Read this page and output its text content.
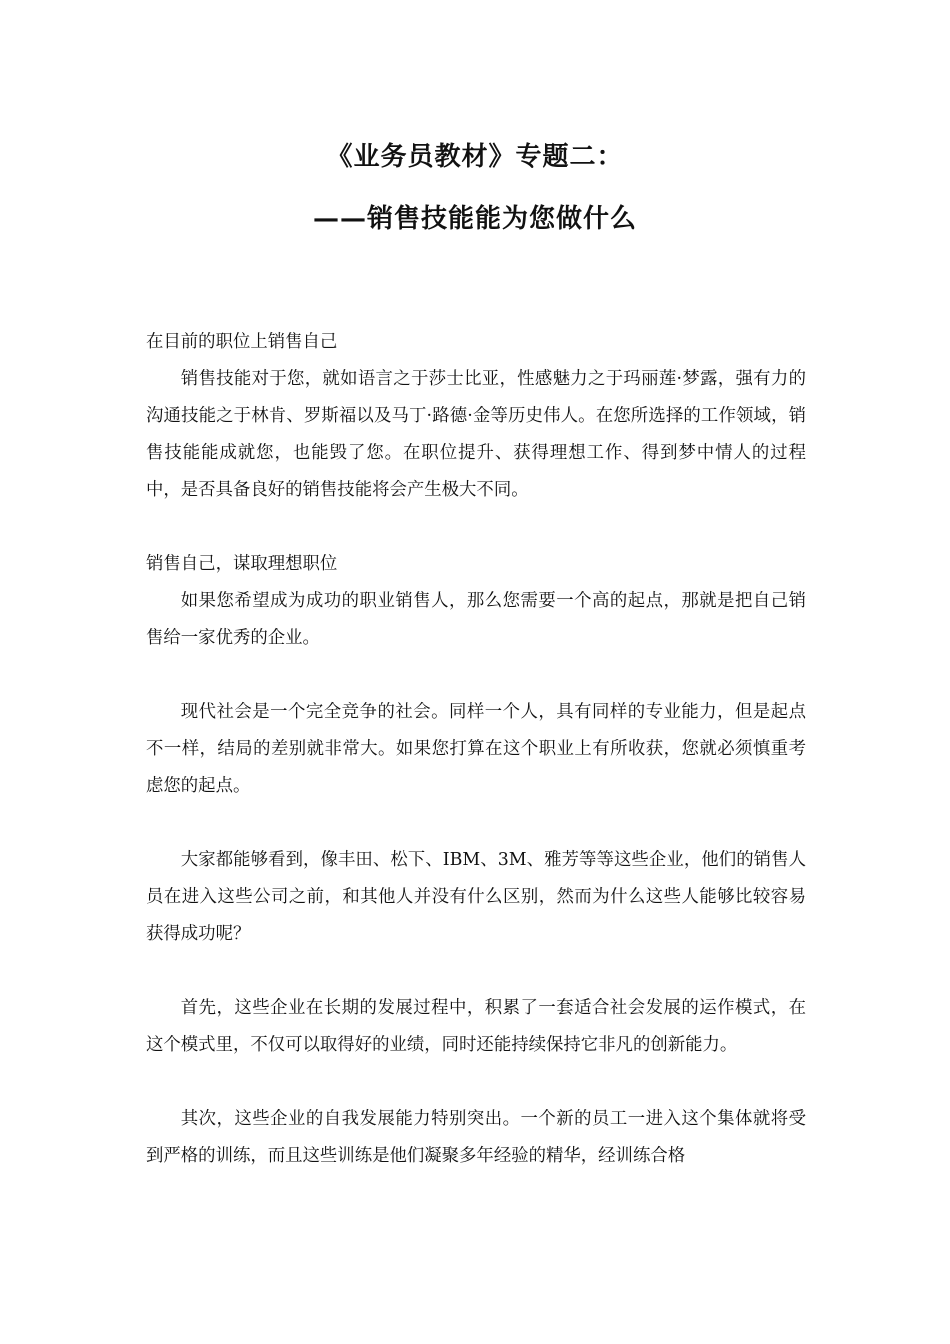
《业务员教材》专题二：
——销售技能能为您做什么

在目前的职位上销售自己

销售技能对于您，就如语言之于莎士比亚，性感魅力之于玛丽莲·梦露，强有力的沟通技能之于林肯、罗斯福以及马丁·路德·金等历史伟人。在您所选择的工作领域，销售技能能成就您，也能毁了您。在职位提升、获得理想工作、得到梦中情人的过程中，是否具备良好的销售技能将会产生极大不同。

销售自己，谋取理想职位

如果您希望成为成功的职业销售人，那么您需要一个高的起点，那就是把自己销售给一家优秀的企业。

现代社会是一个完全竞争的社会。同样一个人，具有同样的专业能力，但是起点不一样，结局的差别就非常大。如果您打算在这个职业上有所收获，您就必须慎重考虑您的起点。

大家都能够看到，像丰田、松下、IBM、3M、雅芳等等这些企业，他们的销售人员在进入这些公司之前，和其他人并没有什么区别，然而为什么这些人能够比较容易获得成功呢？

首先，这些企业在长期的发展过程中，积累了一套适合社会发展的运作模式，在这个模式里，不仅可以取得好的业绩，同时还能持续保持它非凡的创新能力。

其次，这些企业的自我发展能力特别突出。一个新的员工一进入这个集体就将受到严格的训练，而且这些训练是他们凝聚多年经验的精华，经训练合格
